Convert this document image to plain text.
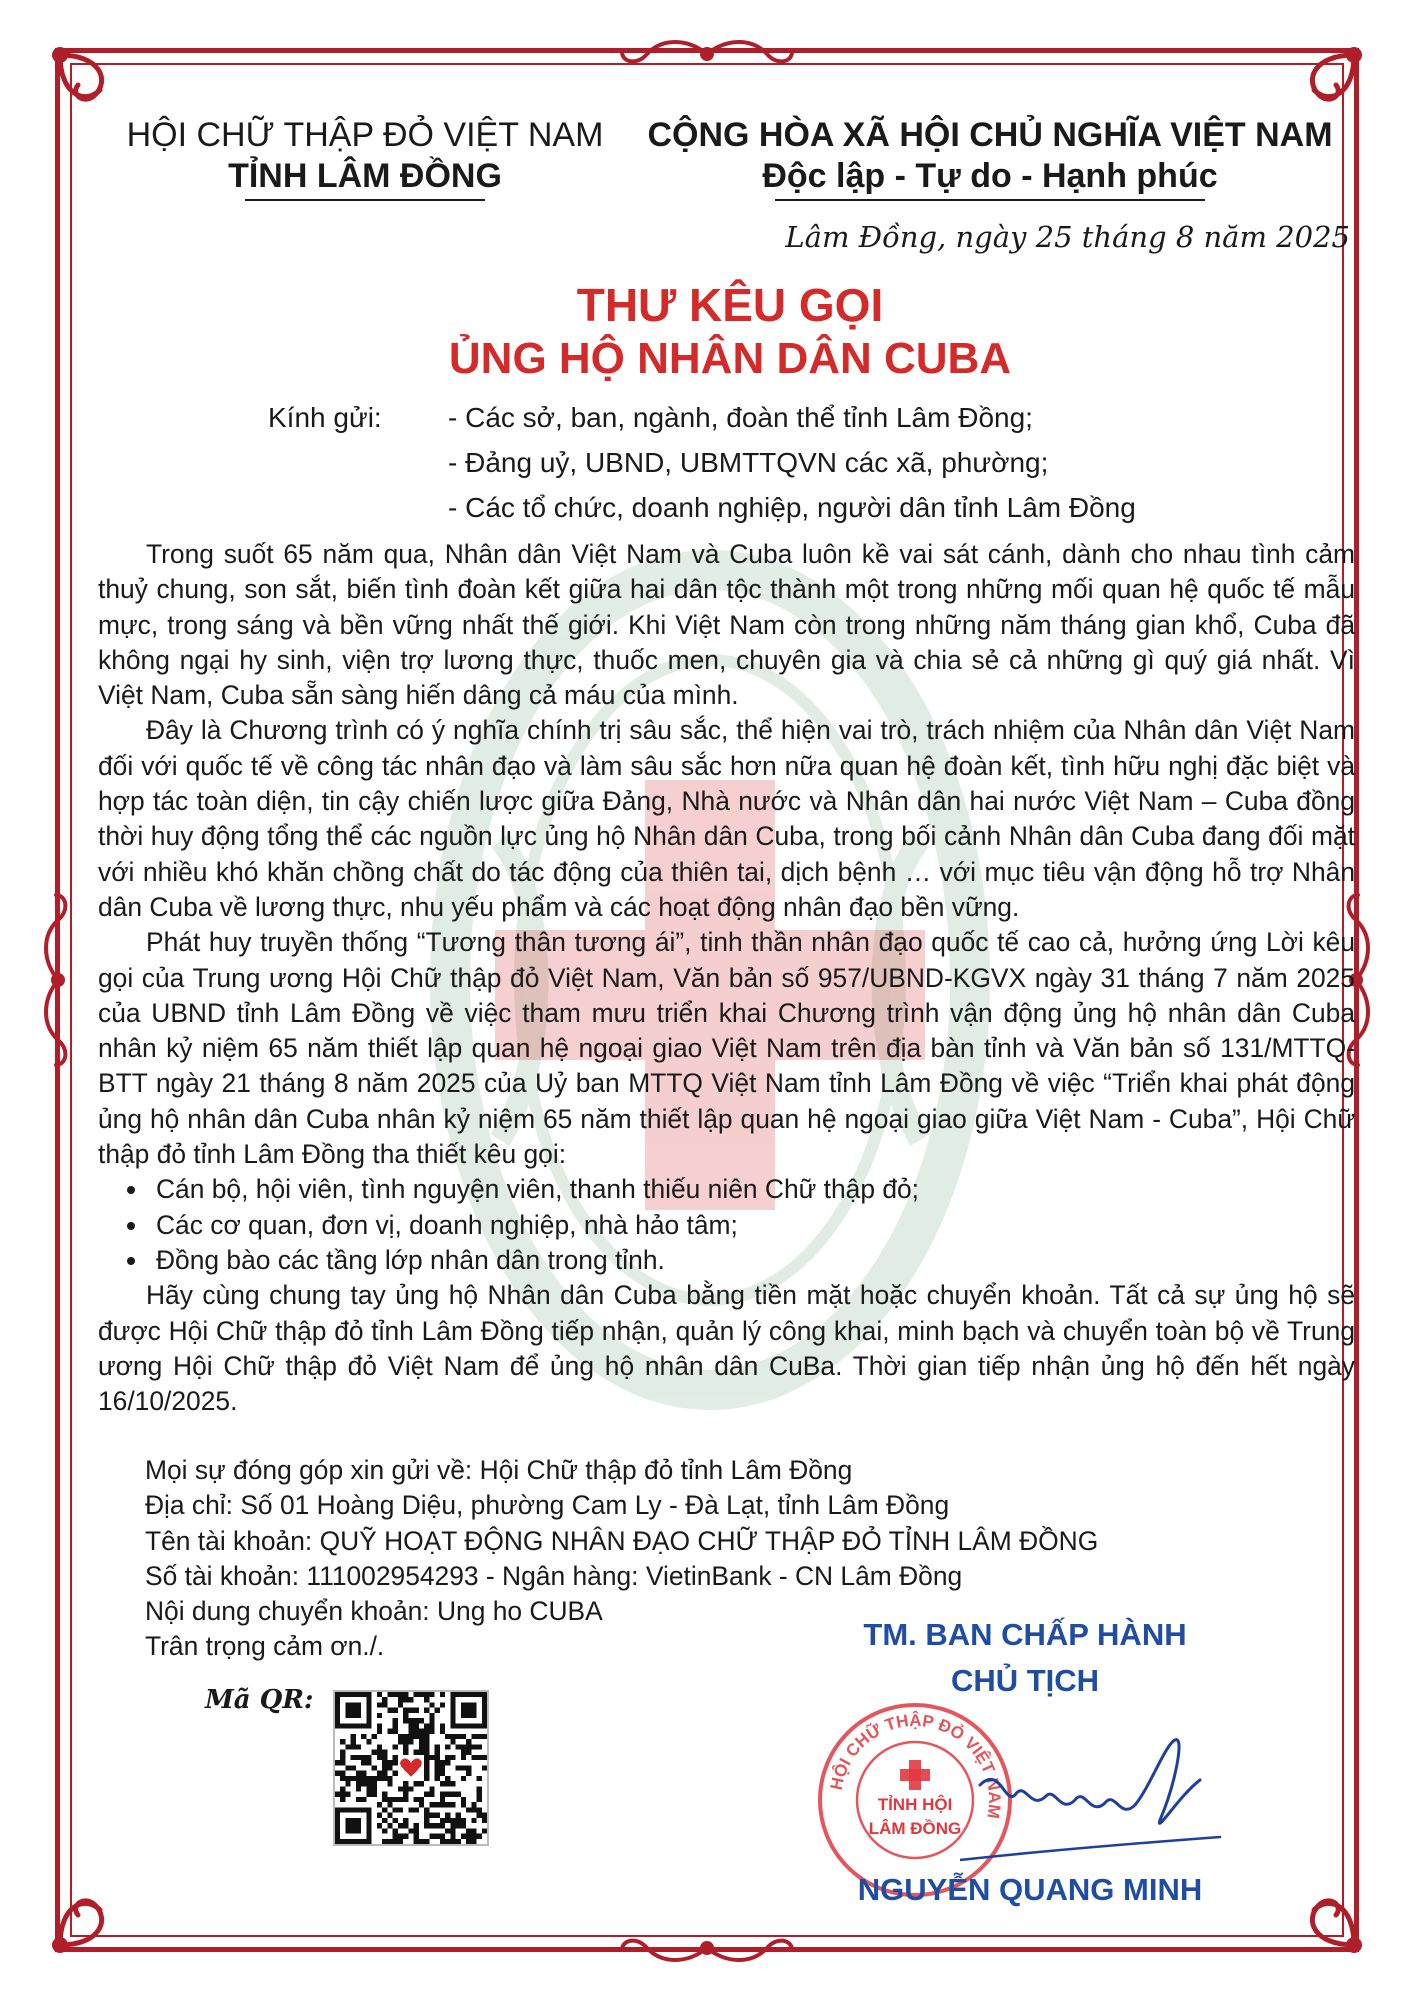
HỘI CHỮ THẬP ĐỎ VIỆT NAM
TỈNH LÂM ĐỒNG
CỘNG HÒA XÃ HỘI CHỦ NGHĨA VIỆT NAM
Độc lập - Tự do - Hạnh phúc
Lâm Đồng, ngày 25 tháng 8 năm 2025
THƯ KÊU GỌI
ỦNG HỘ NHÂN DÂN CUBA
Kính gửi: - Các sở, ban, ngành, đoàn thể tỉnh Lâm Đồng;
- Đảng uỷ, UBND, UBMTTQVN các xã, phường;
- Các tổ chức, doanh nghiệp, người dân tỉnh Lâm Đồng

Trong suốt 65 năm qua, Nhân dân Việt Nam và Cuba luôn kề vai sát cánh, dành cho nhau tình cảm thuỷ chung, son sắt, biến tình đoàn kết giữa hai dân tộc thành một trong những mối quan hệ quốc tế mẫu mực, trong sáng và bền vững nhất thế giới. Khi Việt Nam còn trong những năm tháng gian khổ, Cuba đã không ngại hy sinh, viện trợ lương thực, thuốc men, chuyên gia và chia sẻ cả những gì quý giá nhất. Vì Việt Nam, Cuba sẵn sàng hiến dâng cả máu của mình.

Đây là Chương trình có ý nghĩa chính trị sâu sắc, thể hiện vai trò, trách nhiệm của Nhân dân Việt Nam đối với quốc tế về công tác nhân đạo và làm sâu sắc hơn nữa quan hệ đoàn kết, tình hữu nghị đặc biệt và hợp tác toàn diện, tin cậy chiến lược giữa Đảng, Nhà nước và Nhân dân hai nước Việt Nam – Cuba đồng thời huy động tổng thể các nguồn lực ủng hộ Nhân dân Cuba, trong bối cảnh Nhân dân Cuba đang đối mặt với nhiều khó khăn chồng chất do tác động của thiên tai, dịch bệnh … với mục tiêu vận động hỗ trợ Nhân dân Cuba về lương thực, nhu yếu phẩm và các hoạt động nhân đạo bền vững.

Phát huy truyền thống “Tương thân tương ái”, tinh thần nhân đạo quốc tế cao cả, hưởng ứng Lời kêu gọi của Trung ương Hội Chữ thập đỏ Việt Nam, Văn bản số 957/UBND-KGVX ngày 31 tháng 7 năm 2025 của UBND tỉnh Lâm Đồng về việc tham mưu triển khai Chương trình vận động ủng hộ nhân dân Cuba nhân kỷ niệm 65 năm thiết lập quan hệ ngoại giao Việt Nam trên địa bàn tỉnh và Văn bản số 131/MTTQ-BTT ngày 21 tháng 8 năm 2025 của Uỷ ban MTTQ Việt Nam tỉnh Lâm Đồng về việc “Triển khai phát động ủng hộ nhân dân Cuba nhân kỷ niệm 65 năm thiết lập quan hệ ngoại giao giữa Việt Nam - Cuba”, Hội Chữ thập đỏ tỉnh Lâm Đồng tha thiết kêu gọi:

• Cán bộ, hội viên, tình nguyện viên, thanh thiếu niên Chữ thập đỏ;
• Các cơ quan, đơn vị, doanh nghiệp, nhà hảo tâm;
• Đồng bào các tầng lớp nhân dân trong tỉnh.

Hãy cùng chung tay ủng hộ Nhân dân Cuba bằng tiền mặt hoặc chuyển khoản. Tất cả sự ủng hộ sẽ được Hội Chữ thập đỏ tỉnh Lâm Đồng tiếp nhận, quản lý công khai, minh bạch và chuyển toàn bộ về Trung ương Hội Chữ thập đỏ Việt Nam để ủng hộ nhân dân CuBa. Thời gian tiếp nhận ủng hộ đến hết ngày 16/10/2025.

Mọi sự đóng góp xin gửi về: Hội Chữ thập đỏ tỉnh Lâm Đồng
Địa chỉ: Số 01 Hoàng Diệu, phường Cam Ly - Đà Lạt, tỉnh Lâm Đồng
Tên tài khoản: QUỸ HOẠT ĐỘNG NHÂN ĐẠO CHỮ THẬP ĐỎ TỈNH LÂM ĐỒNG
Số tài khoản: 111002954293 - Ngân hàng: VietinBank - CN Lâm Đồng
Nội dung chuyển khoản: Ung ho CUBA
Trân trọng cảm ơn./.
Mã QR:
TM. BAN CHẤP HÀNH
CHỦ TỊCH
HỘI CHỮ THẬP ĐỎ VIỆT NAM
TỈNH HỘI
LÂM ĐỒNG
NGUYỄN QUANG MINH
